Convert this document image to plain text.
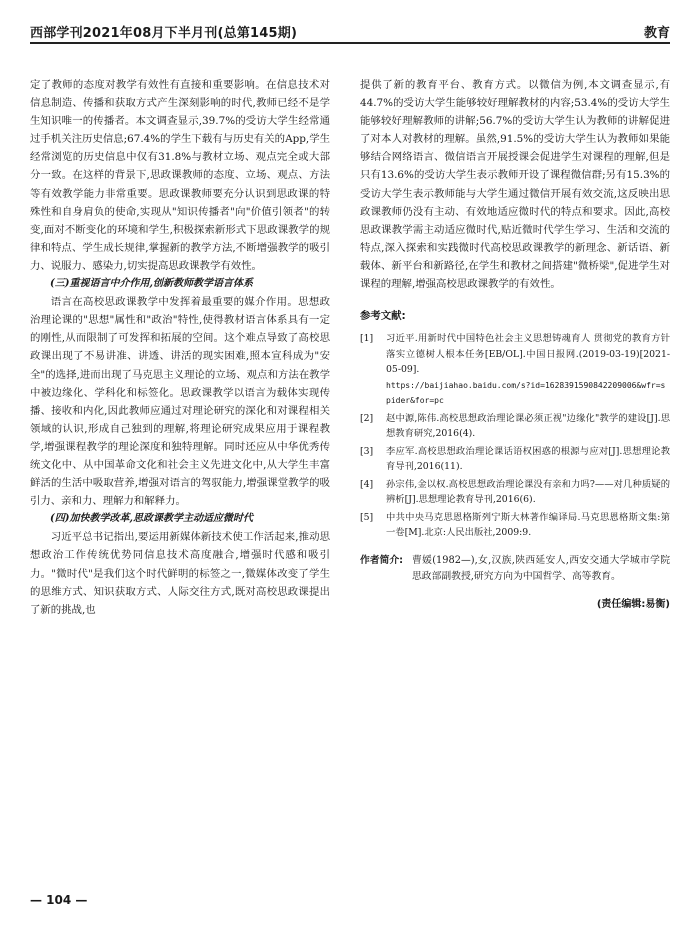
西部学刊2021年08月下半月刊(总第145期)	教育

定了教师的态度对教学有效性有直接和重要影响。在信息技术对信息制造、传播和获取方式产生深刻影响的时代,教师已经不是学生知识唯一的传播者。本文调查显示,39.7%的受访大学生经常通过手机关注历史信息;67.4%的学生下载有与历史有关的App,学生经常浏览的历史信息中仅有31.8%与教材立场、观点完全或大部分一致。在这样的背景下,思政课教师的态度、立场、观点、方法等有效教学能力非常重要。思政课教师要充分认识到思政课的特殊性和自身肩负的使命,实现从"知识传播者"向"价值引领者"的转变,面对不断变化的环境和学生,积极探索新形式下思政课教学的规律和特点、学生成长规律,掌握新的教学方法,不断增强教学的吸引力、说服力、感染力,切实提高思政课教学有效性。

(三)重视语言中介作用,创新教师教学语言体系

语言在高校思政课教学中发挥着最重要的媒介作用。思想政治理论课的"思想"属性和"政治"特性,使得教材语言体系具有一定的刚性,从而限制了可发挥和拓展的空间。这个难点导致了高校思政课出现了不易讲准、讲透、讲活的现实困难,照本宣科成为"安全"的选择,进而出现了马克思主义理论的立场、观点和方法在教学中被边缘化、学科化和标签化。思政课教学以语言为载体实现传播、接收和内化,因此教师应通过对理论研究的深化和对课程相关领域的认识,形成自己独到的理解,将理论研究成果应用于课程教学,增强课程教学的理论深度和独特理解。同时还应从中华优秀传统文化中、从中国革命文化和社会主义先进文化中,从大学生丰富鲜活的生活中吸取营养,增强对语言的驾驭能力,增强课堂教学的吸引力、亲和力、理解力和解释力。

(四)加快教学改革,思政课教学主动适应微时代

习近平总书记指出,要运用新媒体新技术使工作活起来,推动思想政治工作传统优势同信息技术高度融合,增强时代感和吸引力。"微时代"是我们这个时代鲜明的标签之一,微媒体改变了学生的思维方式、知识获取方式、人际交往方式,既对高校思政课提出了新的挑战,也

提供了新的教育平台、教育方式。以微信为例,本文调查显示,有44.7%的受访大学生能够较好理解教材的内容;53.4%的受访大学生能够较好理解教师的讲解;56.7%的受访大学生认为教师的讲解促进了对本人对教材的理解。虽然,91.5%的受访大学生认为教师如果能够结合网络语言、微信语言开展授课会促进学生对课程的理解,但是只有13.6%的受访大学生表示教师开设了课程微信群;另有15.3%的受访大学生表示教师能与大学生通过微信开展有效交流,这反映出思政课教师仍没有主动、有效地适应微时代的特点和要求。因此,高校思政课教学需主动适应微时代,贴近微时代学生学习、生活和交流的特点,深入探索和实践微时代高校思政课教学的新理念、新话语、新载体、新平台和新路径,在学生和教材之间搭建"微桥梁",促进学生对课程的理解,增强高校思政课教学的有效性。

参考文献:
[1]	习近平.用新时代中国特色社会主义思想铸魂育人 贯彻党的教育方针落实立德树人根本任务[EB/OL].中国日报网.(2019-03-19)[2021-05-09].
https://baijiahao.baidu.com/s?id=1628391590842209006&wfr=spider&for=pc
[2]	赵中源,陈伟.高校思想政治理论课必须正视"边缘化"教学的建设[J].思想教育研究,2016(4).
[3]	李应军.高校思想政治理论课话语权困惑的根源与应对[J].思想理论教育导刊,2016(11).
[4]	孙宗伟,金以权.高校思想政治理论课没有亲和力吗?——对几种质疑的辨析[J].思想理论教育导刊,2016(6).
[5]	中共中央马克思恩格斯列宁斯大林著作编译局.马克思恩格斯文集:第一卷[M].北京:人民出版社,2009:9.
作者简介: 曹媛(1982—),女,汉族,陕西延安人,西安交通大学城市学院思政部副教授,研究方向为中国哲学、高等教育。
(责任编辑:易衡)
— 104 —
